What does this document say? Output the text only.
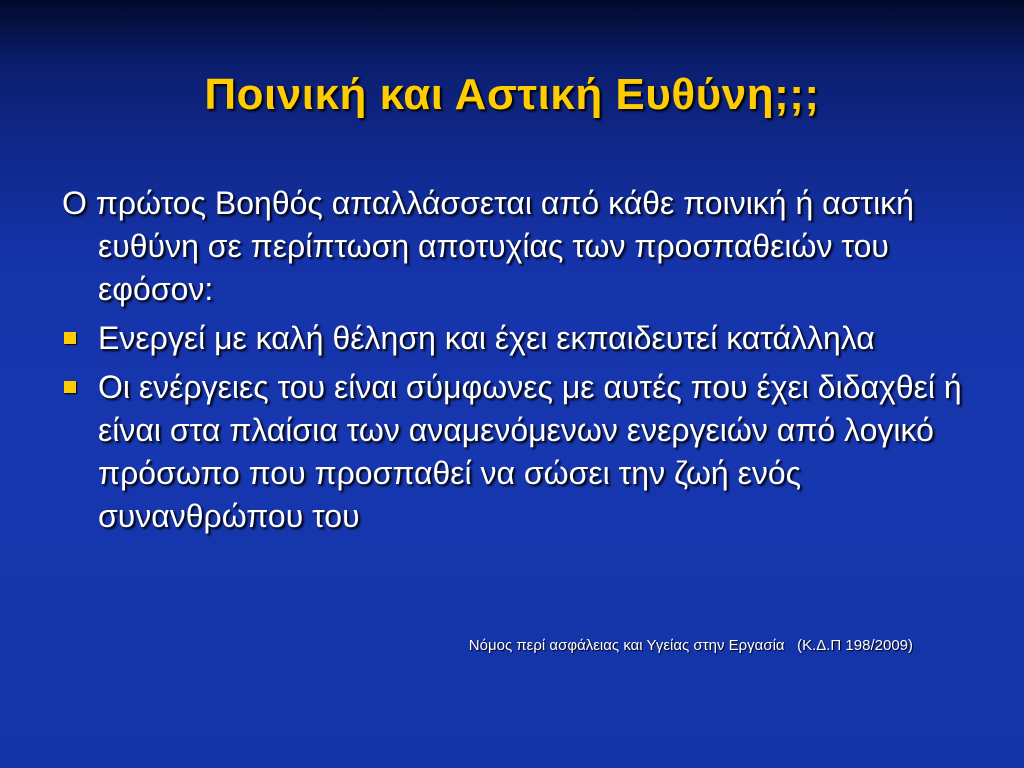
Ποινική και Αστική Ευθύνη;;;

Ο πρώτος Βοηθός απαλλάσσεται από κάθε ποινική ή αστική ευθύνη σε περίπτωση αποτυχίας των προσπαθειών του εφόσον:

Ενεργεί με καλή θέληση και έχει εκπαιδευτεί κατάλληλα
Οι ενέργειες του είναι σύμφωνες με αυτές που έχει διδαχθεί ή είναι στα πλαίσια των αναμενόμενων ενεργειών από λογικό πρόσωπο που προσπαθεί να σώσει την ζωή ενός συνανθρώπου του
Νόμος περί ασφάλειας και Υγείας στην Εργασία   (Κ.Δ.Π 198/2009)
